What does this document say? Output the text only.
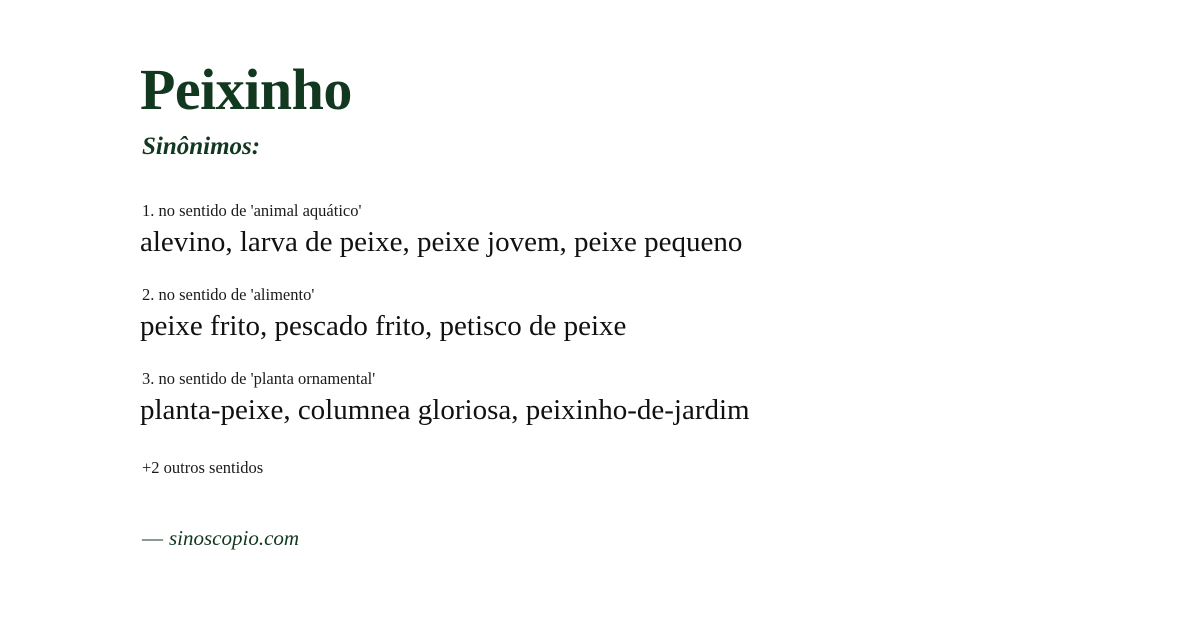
Peixinho
Sinônimos:
1. no sentido de 'animal aquático'
alevino, larva de peixe, peixe jovem, peixe pequeno
2. no sentido de 'alimento'
peixe frito, pescado frito, petisco de peixe
3. no sentido de 'planta ornamental'
planta-peixe, columnea gloriosa, peixinho-de-jardim
+2 outros sentidos
— sinoscopio.com
